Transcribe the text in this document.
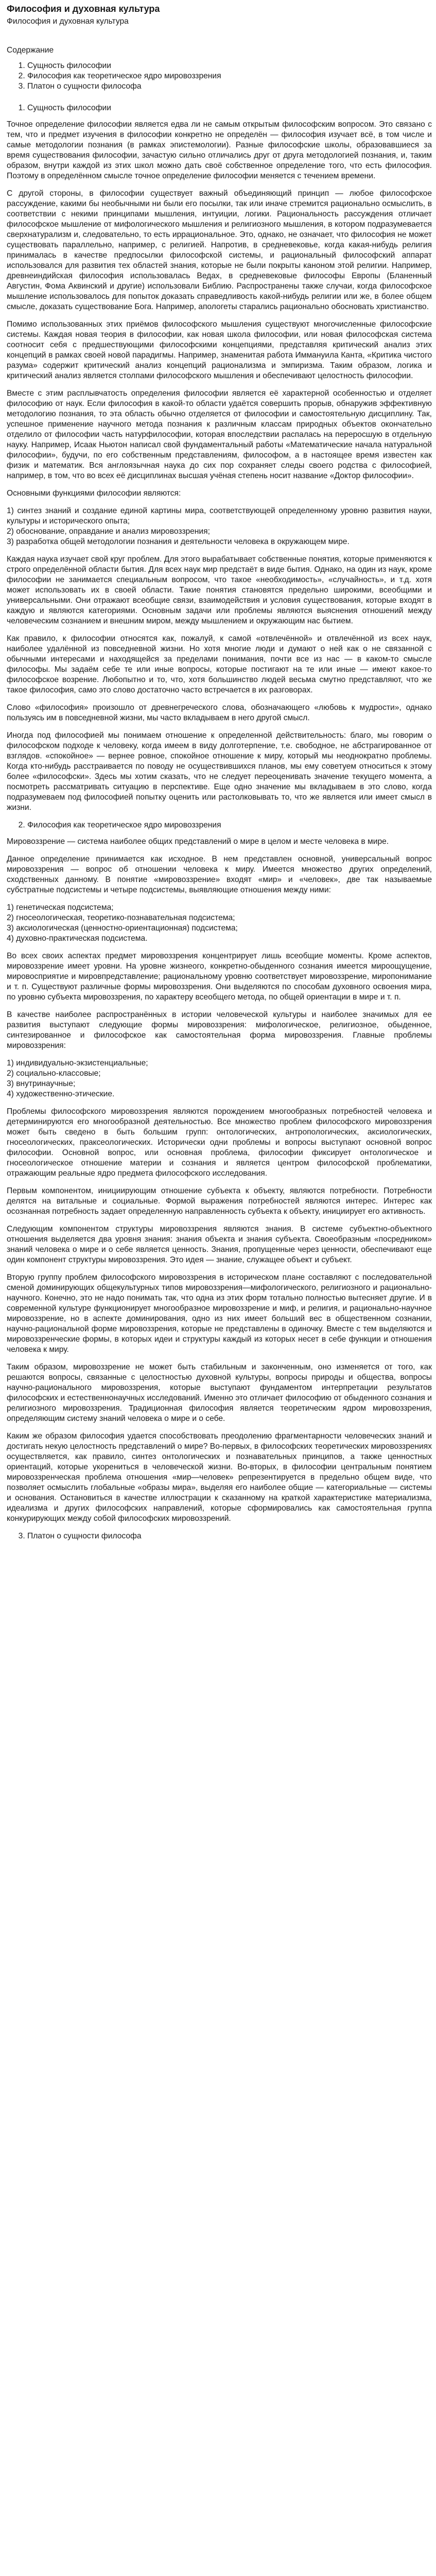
Философия и духовная культура
Философия и духовная культура
Содержание
1. Сущность философии
2. Философия как теоретическое ядро мировоззрения
3. Платон о сущности философа
1. Сущность философии

Точное определение философии является едва ли не самым открытым философским вопросом. Это связано с тем, что и предмет изучения в философии конкретно не определён — философия изучает всё, в том числе и самые методологии познания (в рамках эпистемологии). Разные философские школы, образовавшиеся за время существования философии, зачастую сильно отличались друг от друга методологией познания, и, таким образом, внутри каждой из этих школ можно дать своё собственное определение того, что есть философия. Поэтому в определённом смысле точное определение философии меняется с течением времени.

С другой стороны, в философии существует важный объединяющий принцип — любое философское рассуждение, какими бы необычными ни были его посылки, так или иначе стремится рационально осмыслить, в соответствии с некими принципами мышления, интуиции, логики. Рациональность рассуждения отличает философское мышление от мифологического мышления и религиозного мышления, в котором подразумевается сверхнатурализм и, следовательно, то есть иррациональное. Это, однако, не означает, что философия не может существовать параллельно, например, с религией. Напротив, в средневековье, когда какая-нибудь религия принималась в качестве предпосылки философской системы, и рациональный философский аппарат использовался для развития тех областей знания, которые не были покрыты каноном этой религии. Например, древнеиндийская философия использовалась Ведах, в средневековые философы Европы (Бланенный Августин, Фома Аквинский и другие) использовали Библию. Распространены также случаи, когда философское мышление использовалось для попыток доказать справедливость какой-нибудь религии или же, в более общем смысле, доказать существование Бога. Например, апологеты старались рационально обосновать христианство.

Помимо использованных этих приёмов философского мышления существуют многочисленные философские системы. Каждая новая теория в философии, как новая школа философии, или новая философская система соотносит себя с предшествующими философскими концепциями, представляя критический анализ этих концепций в рамках своей новой парадигмы. Например, знаменитая работа Иммануила Канта, «Критика чистого разума» содержит критический анализ концепций рационализма и эмпиризма. Таким образом, логика и критический анализ является столпами философского мышления и обеспечивают целостность философии.

Вместе с этим расплывчатость определения философии является её характерной особенностью и отделяет философию от наук. Если философия в какой-то области удаётся совершить прорыв, обнаружив эффективную методологию познания, то эта область обычно отделяется от философии и самостоятельную дисциплину. Так, успешное применение научного метода познания к различным классам природных объектов окончательно отделило от философии часть натурфилософии, которая впоследствии распалась на переросшую в отдельную науку. Например, Исаак Ньютон написал свой фундаментальный работы «Математические начала натуральной философии», будучи, по его собственным представлениям, философом, а в настоящее время известен как физик и математик. Вся англоязычная наука до сих пор сохраняет следы своего родства с философией, например, в том, что во всех её дисциплинах высшая учёная степень носит название «Доктор философии».

Основными функциями философии являются:

1) синтез знаний и создание единой картины мира, соответствующей определенному уровню развития науки, культуры и исторического опыта;
2) обоснование, оправдание и анализ мировоззрения;
3) разработка общей методологии познания и деятельности человека в окружающем мире.

Каждая наука изучает свой круг проблем. Для этого вырабатывает собственные понятия, которые применяются к строго определённой области бытия. Для всех наук мир предстаёт в виде бытия. Однако, на один из наук, кроме философии не занимается специальным вопросом, что такое «необходимость», «случайность», и т.д. хотя может использовать их в своей области. Такие понятия становятся предельно широкими, всеобщими и универсальными. Они отражают всеобщие связи, взаимодействия и условия существования, которые входят в каждую и являются категориями. Основным задачи или проблемы являются выяснения отношений между человеческим сознанием и внешним миром, между мышлением и окружающим нас бытием.

Как правило, к философии относятся как, пожалуй, к самой «отвлечённой» и отвлечённой из всех наук, наиболее удалённой из повседневной жизни. Но хотя многие люди и думают о ней как о не связанной с обычными интересами и находящейся за пределами понимания, почти все из нас — в каком-то смысле философы. Мы задаём себе те или иные вопросы, которые постигают на те или иные — имеют какое-то философское возрение. Любопытно и то, что, хотя большинство людей весьма смутно представляют, что же такое философия, само это слово достаточно часто встречается в их разговорах.

Слово «философия» произошло от древнегреческого слова, обозначающего «любовь к мудрости», однако пользуясь им в повседневной жизни, мы часто вкладываем в него другой смысл.

Иногда под философией мы понимаем отношение к определенной действительность: благо, мы говорим о философском подходе к человеку, когда имеем в виду долготерпение, т.е. свободное, не абстрагированное от взглядов. «спокойное» — вернее ровное, спокойное отношение к миру, который мы неоднократно проблемы. Когда кто-нибудь расстраивается по поводу не осуществившихся планов, мы ему советуем относиться к этому более «философски». Здесь мы хотим сказать, что не следует переоценивать значение текущего момента, а посмотреть рассматривать ситуацию в перспективе. Еще одно значение мы вкладываем в это слово, когда подразумеваем под философией попытку оценить или растолковывать то, что же является или имеет смысл в жизни.

2. Философия как теоретическое ядро мировоззрения

Мировоззрение — система наиболее общих представлений о мире в целом и месте человека в мире.

Данное определение принимается как исходное. В нем представлен основной, универсальный вопрос мировоззрения — вопрос об отношении человека к миру. Имеется множество других определений, сходственных данному. В понятие «мировоззрение» входят «мир» и «человек», две так называемые субстратные подсистемы и четыре подсистемы, выявляющие отношения между ними:

1) генетическая подсистема;
2) гносеологическая, теоретико-познавательная подсистема;
3) аксиологическая (ценностно-ориентационная) подсистема;
4) духовно-практическая подсистема.

Во всех своих аспектах предмет мировоззрения концентрирует лишь всеобщие моменты. Кроме аспектов, мировоззрение имеет уровни. На уровне жизнеого, конкретно-обыденного сознания имеется мироощущение, мировосприятие и мировпредставление; рациональному уровню соответствует мировоззрение, миропонимание и т. п. Существуют различные формы мировоззрения. Они выделяются по способам духовного освоения мира, по уровню субъекта мировоззрения, по характеру всеобщего метода, по общей ориентации в мире и т. п.

В качестве наиболее распространённых в истории человеческой культуры и наиболее значимых для ее развития выступают следующие формы мировоззрения: мифологическое, религиозное, обыденное, синтезированное и философское как самостоятельная форма мировоззрения. Главные проблемы мировоззрения:

1) индивидуально-экзистенциальные;
2) социально-классовые;
3) внутринаучные;
4) художественно-этические.

Проблемы философского мировоззрения являются порождением многообразных потребностей человека и детерминируются его многообразной деятельностью. Все множество проблем философского мировоззрения может быть сведено в быть большим групп: онтологических, антропологических, аксиологических, гносеологических, праксеологических. Исторически одни проблемы и вопросы выступают основной вопрос философии. Основной вопрос, или основная проблема, философии фиксирует онтологическое и гносеологическое отношение материи и сознания и является центром философской проблематики, отражающим реальные ядро предмета философского исследования.

Первым компонентом, инициирующим отношение субъекта к объекту, являются потребности. Потребности делятся на витальные и социальные. Формой выражения потребностей являются интерес. Интерес как осознанная потребность задает определенную направленность субъекта к объекту, инициирует его активность.

Следующим компонентом структуры мировоззрения являются знания. В системе субъектно-объектного отношения выделяется два уровня знания: знания объекта и знания субъекта. Своеобразным «посредником» знаний человека о мире и о себе является ценность. Знания, пропущенные через ценности, обеспечивают еще один компонент структуры мировоззрения. Это идея — знание, служащее объект и субъект.

Вторую группу проблем философского мировоззрения в историческом плане составляют с последовательной сменой доминирующих общекультурных типов мировоззрения—мифологического, религиозного и рационально-научного. Конечно, это не надо понимать так, что одна из этих форм тотально полностью вытесняет другие. И в современной культуре функционирует многообразное мировоззрение и миф, и религия, и рационально-научное мировоззрение, но в аспекте доминирования, одно из них имеет больший вес в общественном сознании, научно-рациональной форме мировоззрения, которые не представлены в одиночку. Вместе с тем выделяются и мировоззренческие формы, в которых идеи и структуры каждый из которых несет в себе функции и отношения человека к миру.

Таким образом, мировоззрение не может быть стабильным и законченным, оно изменяется от того, как решаются вопросы, связанные с целостностью духовной культуры, вопросы природы и общества, вопросы научно-рационального мировоззрения, которые выступают фундаментом интерпретации результатов философских и естественнонаучных исследований. Именно это отличает философию от обыденного сознания и религиозного мировоззрения. Традиционная философия является теоретическим ядром мировоззрения, определяющим систему знаний человека о мире и о себе.

Каким же образом философия удается способствовать преодолению фрагментарности человеческих знаний и достигать некую целостность представлений о мире? Во-первых, в философских теоретических мировоззрениях осуществляется, как правило, синтез онтологических и познавательных принципов, а также ценностных ориентаций, которые укорениться в человеческой жизни. Во-вторых, в философии центральным понятием мировоззренческая проблема отношения «мир—человек» репрезентируется в предельно общем виде, что позволяет осмыслить глобальные «образы мира», выделяя его наиболее общие — категориальные — системы и основания. Остановиться в качестве иллюстрации к сказанному на краткой характеристике материализма, идеализма и других философских направлений, которые сформировались как самостоятельная группа конкурирующих между собой философских мировоззрений.

3. Платон о сущности философа
